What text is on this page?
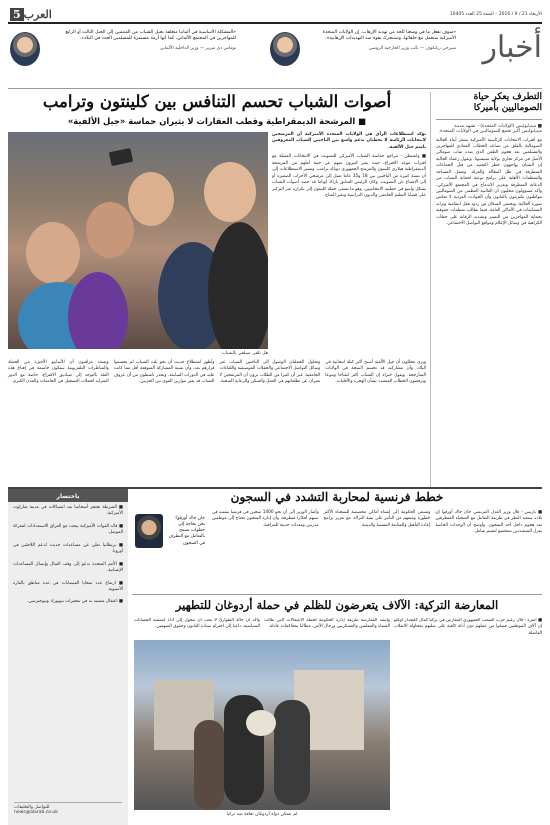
الأربعاء 21 / 9 / 2016 – السنة 25 العدد 10405
5 العرب
«المشكلة الأساسية في ألمانيا متعلقة بجيل الشباب من المنتمين إلى الجيل الثالث أو الرابع للمهاجرين في المجتمع الألماني، كما أنها أزمة مستمرة للمسلمين الجدد في البلاد».
توماس دي ميزير — وزير الداخلية الألماني
«سوف نفعل ما في وسعنا للحد من تهديد الإرهاب. إن الولايات المتحدة الأميركية ستعمل مع حلفائها، وسنتحرك بقوة ضد التهديدات الإرهابية».
سيرجي ريابكوف — نائب وزير الخارجية الروسي	أخبار
التطرف يعكر حياة الصوماليين بأميركا
■ مينيابوليس (الولايات المتحدة) - تشهد مدينة مينيابوليس أكبر تجمع للصوماليين في الولايات المتحدة.
مع اقتراب الانتخابات الرئاسية الأميركية يشعر أبناء الجالية الصومالية بالقلق من تصاعد الخطاب المعادي للمهاجرين والمسلمين بعد هجوم الطعن الذي نفذه شاب صومالي الأصل في مركز تجاري بولاية مينيسوتا. ويقول زعماء الجالية إن الشبان يواجهون خطر التجنيد من قبل الجماعات المتطرفة في ظل البطالة والعزلة. وتعمل المساجد والمنظمات الأهلية على برامج توعية لحماية الشباب من الدعاية المتطرفة وتعزيز الاندماج في المجتمع الأميركي. وأكد مسؤولون محليون أن الغالبية العظمى من الصوماليين مواطنون ملتزمون بالقانون وأن الحوادث الفردية لا تعكس صورة الجالية. ويخشى السكان من ردود فعل انتقامية وتزايد المضايقات في الأماكن العامة، فيما تطالب منظمات حقوقية بحماية المهاجرين من التمييز وتشديد الرقابة على خطاب الكراهية في وسائل الإعلام ومواقع التواصل الاجتماعي.
أصوات الشباب تحسم التنافس بين كلينتون وترامب
■ المرشحة الديمقراطية وقطب العقارات لا يثيران حماسة «جيل الألفية»
هل تلقى سيلفي بالشباب
تؤكد استطلاعات الرأي في الولايات المتحدة الأميركية أن المرشحين لانتخابات الرئاسة لا يحظيان بدعم واسع بين الناخبين الشباب المعروفين باسم جيل الألفية.
■ واشنطن - تتراجع حماسة الشباب الأميركي للتصويت في الانتخابات المقبلة مع اقتراب موعد الاقتراع، حيث يعبر كثيرون منهم عن خيبة أملهم من المرشحة الديمقراطية هيلاري كلينتون والمرشح الجمهوري دونالد ترامب. وتشير الاستطلاعات إلى أن نسبة كبيرة من الناخبين بين 18 و35 عاما تميل إلى مرشحي الأحزاب الصغيرة أو إلى الامتناع عن التصويت. وكان الرئيس السابق باراك أوباما قد حصد أصوات الشباب بشكل واسع في حملتيه الانتخابيتين، وهو ما تسعى حملة كلينتون إلى تكراره عبر التركيز على قضايا التعليم الجامعي والديون الدراسية وتغير المناخ.
ويرى محللون أن جيل الألفية أصبح أكبر كتلة انتخابية في البلاد، وأن مشاركته قد تحسم النتيجة في الولايات المتأرجحة. ويقول خبراء إن الشباب أكثر انفتاحا وتنوعا ويرفضون الخطاب المتشدد بشأن الهجرة والأقليات.
وتحاول الحملتان الوصول إلى الناخبين الشباب عبر وسائل التواصل الاجتماعي والحفلات الموسيقية واللقاءات الجامعية. غير أن كثيرا من الطلاب يرون أن المرشحين لا يعبران عن تطلعاتهم في العمل والسكن والرعاية الصحية.
وأظهر استطلاع حديث أن نحو ثلث الشباب لم يحسموا قرارهم بعد، وأن نسبة المشاركة المتوقعة أقل مما كانت عليه في الدورات السابقة. ويحذر ناشطون من أن عزوف الشباب قد يغير موازين القوى بين الحزبين.
ويعتقد مراقبون أن الأسابيع الأخيرة من الحملة والمناظرات التلفزيونية ستكون حاسمة في إقناع هذه الفئة بالتوجه إلى صناديق الاقتراع، خاصة مع الدور المتزايد لحملات التسجيل في الجامعات والمدن الكبرى.
باختصار
■ الشرطة تحتجز أشخاصا بعد اشتباكات في مدينة شارلوت الأميركية.
■ قائد القوات الأميركية يبحث مع العراق الاستعدادات لمعركة الموصل.
■ بريطانيا تعلن عن مساعدات جديدة لدعم اللاجئين في أوروبا.
■ الأمم المتحدة تدعو إلى وقف القتال وإيصال المساعدات الإنسانية.
■ ارتفاع عدد ضحايا الفيضانات في عدة مناطق بالقارة الآسيوية.
■ اعتقال مشتبه به في تفجيرات نيويورك ونيوجيرسي.
للتواصل والتعليقات
news@alarab.co.uk
خطط فرنسية لمحاربة التشدد في السجون
جان جاك أورفوا: نحن بحاجة إلى خطوات تسمح بالتعامل مع التطرف في السجون
■ باريس - قال وزير العدل الفرنسي جان جاك أورفوا إن بلاده ستعيد النظر في طريقة التعامل مع السجناء المتطرفين بعد هجوم داخل أحد السجون. وأوضح أن الوحدات الخاصة بعزل المتشددين ستخضع لتقييم شامل.
وتسعى الحكومة إلى إنشاء أماكن مخصصة للسجناء الأكثر خطورة ومنعهم من التأثير على بقية النزلاء، مع تعزيز برامج إعادة التأهيل والمتابعة النفسية والدينية.
وأشار الوزير إلى أن نحو 1400 سجين في فرنسا يشتبه في تبنيهم أفكارا متطرفة، وأن إدارة السجون تحتاج إلى موظفين مدربين ومعدات حديثة للمراقبة.
المعارضة التركية: الآلاف يتعرضون للظلم في حملة أردوغان للتطهير
■ أنقرة - قال زعيم حزب الشعب الجمهوري المعارض في تركيا كمال كليجدار أوغلو إن آلاف الموظفين فصلوا من عملهم دون أدلة كافية على صلتهم بمحاولة الانقلاب الفاشلة.
وأكد أن حالة الطوارئ لا يجب أن تتحول إلى أداة لتصفية الحسابات السياسية، داعيا إلى احترام سيادة القانون وحقوق المتهمين.
وانتقد المعارضة طريقة إدارة الحكومة لحملة الاعتقالات التي طالت القضاة والمعلمين والعسكريين ورجال الأمن، مطالبا بمحاكمات عادلة.
لم تتمكن دولة أردوغان ثقافة ضد تركيا
